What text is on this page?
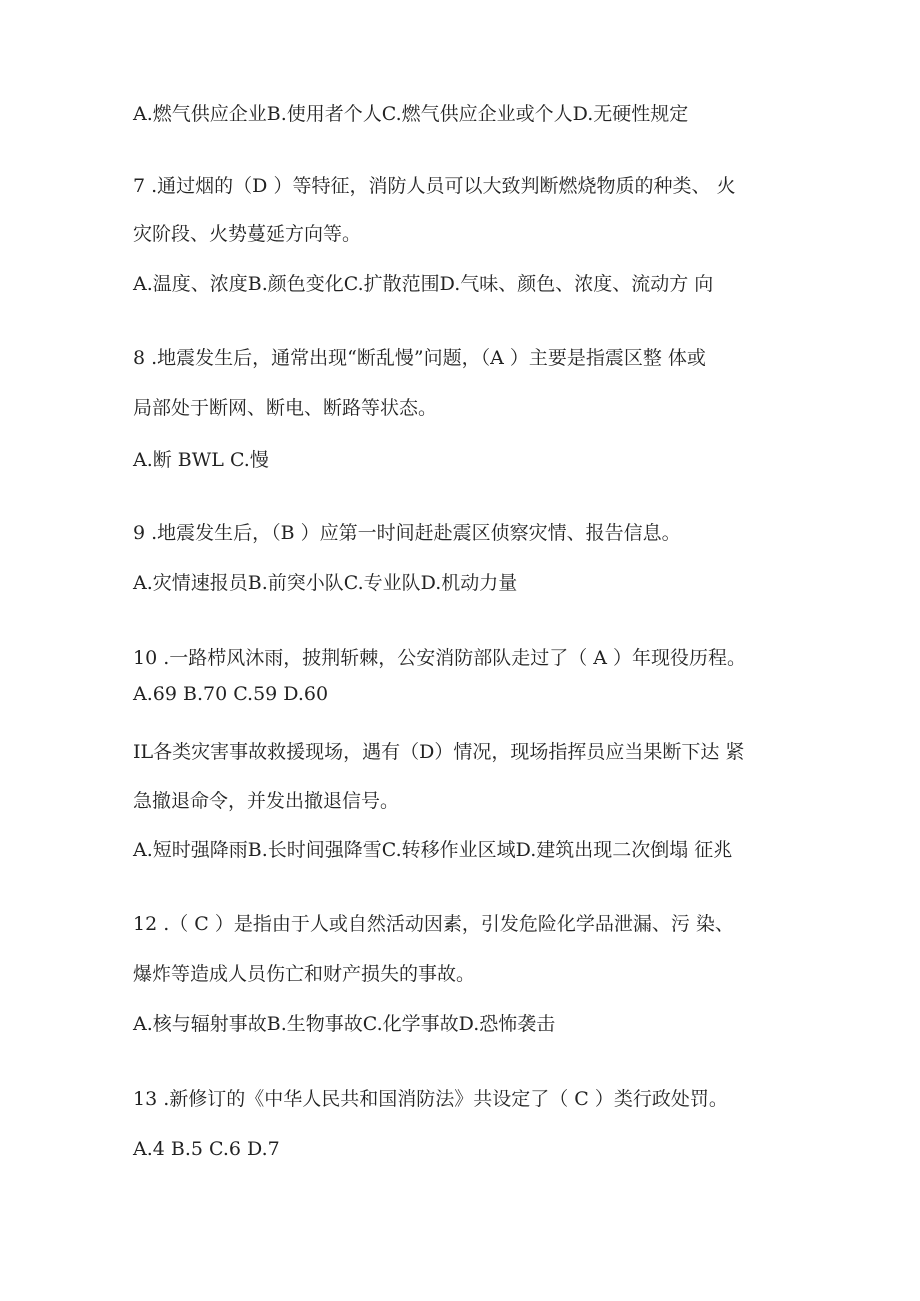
A.燃气供应企业B.使用者个人C.燃气供应企业或个人D.无硬性规定

7 .通过烟的（D ）等特征，消防人员可以大致判断燃烧物质的种类、 火

灾阶段、火势蔓延方向等。

A.温度、浓度B.颜色变化C.扩散范围D.气味、颜色、浓度、流动方 向

8 .地震发生后，通常出现“断乱慢”问题，（A ）主要是指震区整 体或

局部处于断网、断电、断路等状态。

A.断 BWL C.慢

9 .地震发生后，（B ）应第一时间赶赴震区侦察灾情、报告信息。

A.灾情速报员B.前突小队C.专业队D.机动力量

10 .一路栉风沐雨，披荆斩棘，公安消防部队走过了（ A ）年现役历程。

A.69 B.70 C.59 D.60

IL各类灾害事故救援现场，遇有（D）情况，现场指挥员应当果断下达 紧

急撤退命令，并发出撤退信号。

A.短时强降雨B.长时间强降雪C.转移作业区域D.建筑出现二次倒塌 征兆

12 .（ C ）是指由于人或自然活动因素，引发危险化学品泄漏、污 染、

爆炸等造成人员伤亡和财产损失的事故。

A.核与辐射事故B.生物事故C.化学事故D.恐怖袭击

13 .新修订的《中华人民共和国消防法》共设定了（ C ）类行政处罚。

A.4 B.5 C.6 D.7
